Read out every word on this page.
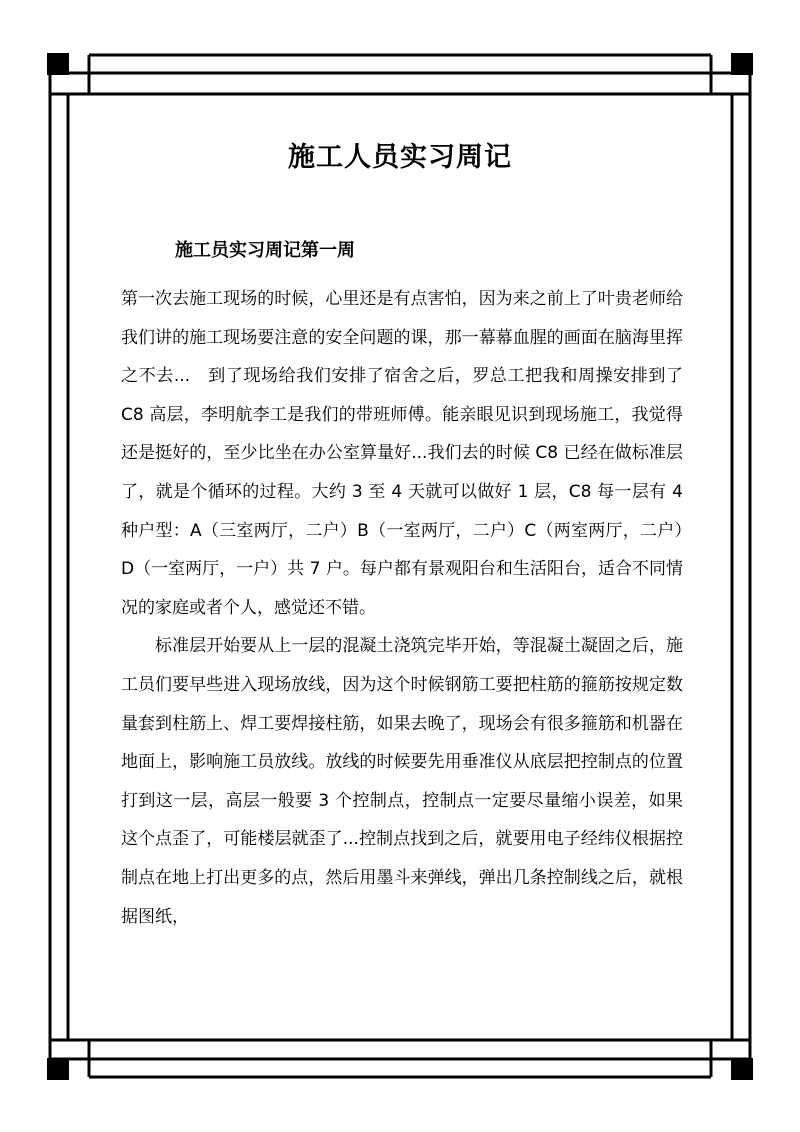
施工人员实习周记
施工员实习周记第一周

第一次去施工现场的时候，心里还是有点害怕，因为来之前上了叶贵老师给我们讲的施工现场要注意的安全问题的课，那一幕幕血腥的画面在脑海里挥之不去...　到了现场给我们安排了宿舍之后，罗总工把我和周操安排到了 C8 高层，李明航李工是我们的带班师傅。能亲眼见识到现场施工，我觉得还是挺好的，至少比坐在办公室算量好...我们去的时候 C8 已经在做标准层了，就是个循环的过程。大约 3 至 4 天就可以做好 1 层，C8 每一层有 4 种户型：A（三室两厅，二户）B（一室两厅，二户）C（两室两厅，二户）D（一室两厅，一户）共 7 户。每户都有景观阳台和生活阳台，适合不同情况的家庭或者个人，感觉还不错。

标准层开始要从上一层的混凝土浇筑完毕开始，等混凝土凝固之后，施工员们要早些进入现场放线，因为这个时候钢筋工要把柱筋的箍筋按规定数量套到柱筋上、焊工要焊接柱筋，如果去晚了，现场会有很多箍筋和机器在地面上，影响施工员放线。放线的时候要先用垂准仪从底层把控制点的位置打到这一层，高层一般要 3 个控制点，控制点一定要尽量缩小误差，如果这个点歪了，可能楼层就歪了...控制点找到之后，就要用电子经纬仪根据控制点在地上打出更多的点，然后用墨斗来弹线，弹出几条控制线之后，就根据图纸，
